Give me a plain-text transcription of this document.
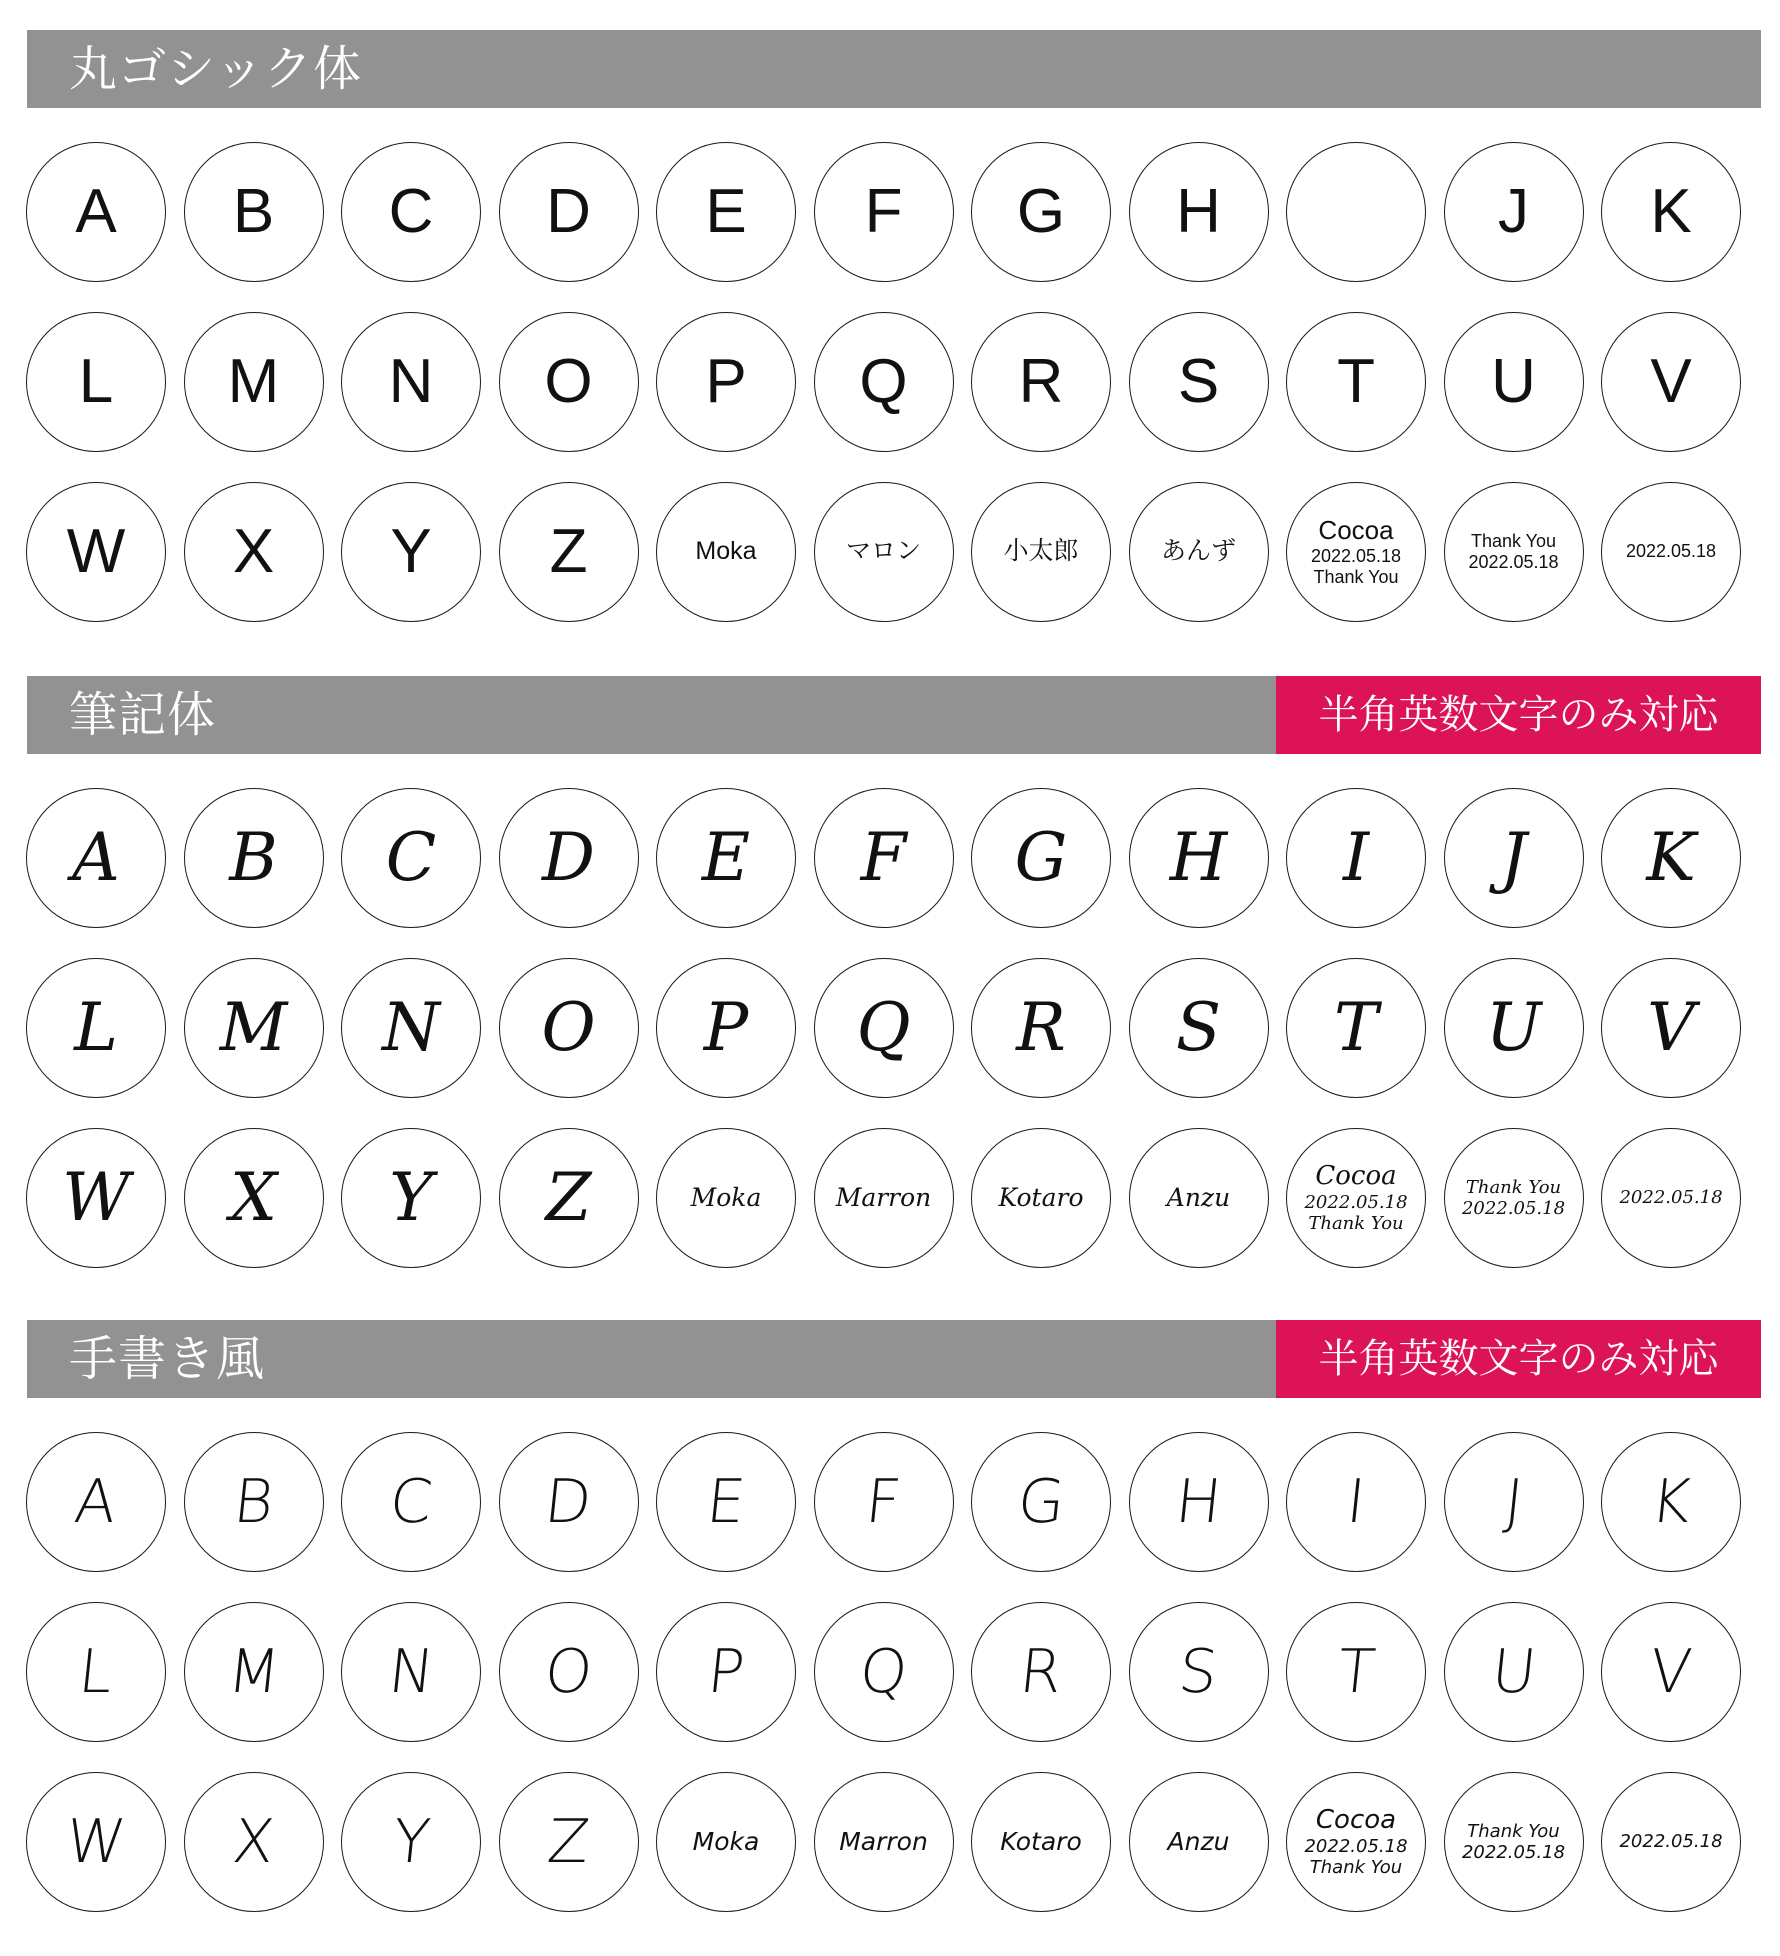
丸ゴシック体
A B C D E F G H	J K
L M N O P Q R S T U V
W X Y Z	Moka	マロン	小太郎	あんず
Cocoa
2022.05.18
Thank You
Thank You
2022.05.18
2022.05.18
筆記体	半角英数文字のみ対応
A B C D E F G H I J K
L M N O P Q R S T U V
W X Y Z	Moka	Marron	Kotaro	Anzu
Cocoa
2022.05.18
Thank You
Thank You
2022.05.18
2022.05.18
手書き風	半角英数文字のみ対応
A B C D E F G H I J K
L M N O P Q R S T U V
W X Y Z	Moka	Marron	Kotaro	Anzu
Cocoa
2022.05.18
Thank You
Thank You
2022.05.18
2022.05.18
